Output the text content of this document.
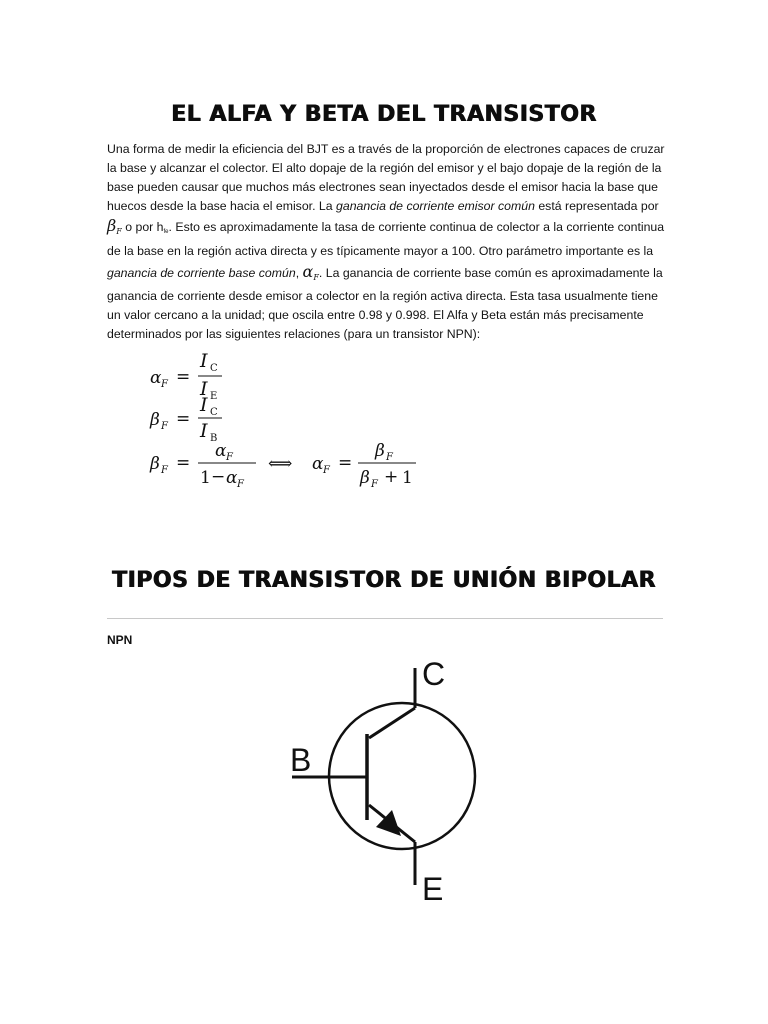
EL ALFA Y BETA DEL TRANSISTOR

Una forma de medir la eficiencia del BJT es a través de la proporción de electrones capaces de cruzar la base y alcanzar el colector. El alto dopaje de la región del emisor y el bajo dopaje de la región de la base pueden causar que muchos más electrones sean inyectados desde el emisor hacia la base que huecos desde la base hacia el emisor. La ganancia de corriente emisor común está representada por $\beta_F$ o por hfe. Esto es aproximadamente la tasa de corriente continua de colector a la corriente continua de la base en la región activa directa y es típicamente mayor a 100. Otro parámetro importante es la ganancia de corriente base común, $\alpha_F$. La ganancia de corriente base común es aproximadamente la ganancia de corriente desde emisor a colector en la región activa directa. Esta tasa usualmente tiene un valor cercano a la unidad; que oscila entre 0.98 y 0.998. El Alfa y Beta están más precisamente determinados por las siguientes relaciones (para un transistor NPN):

α F =
I C
I E
β F =
I C
I B
β F =
α F
1 − α F
⟺ α F =
β F
β F + 1
TIPOS DE TRANSISTOR DE UNIÓN BIPOLAR

NPN

C
B
E
